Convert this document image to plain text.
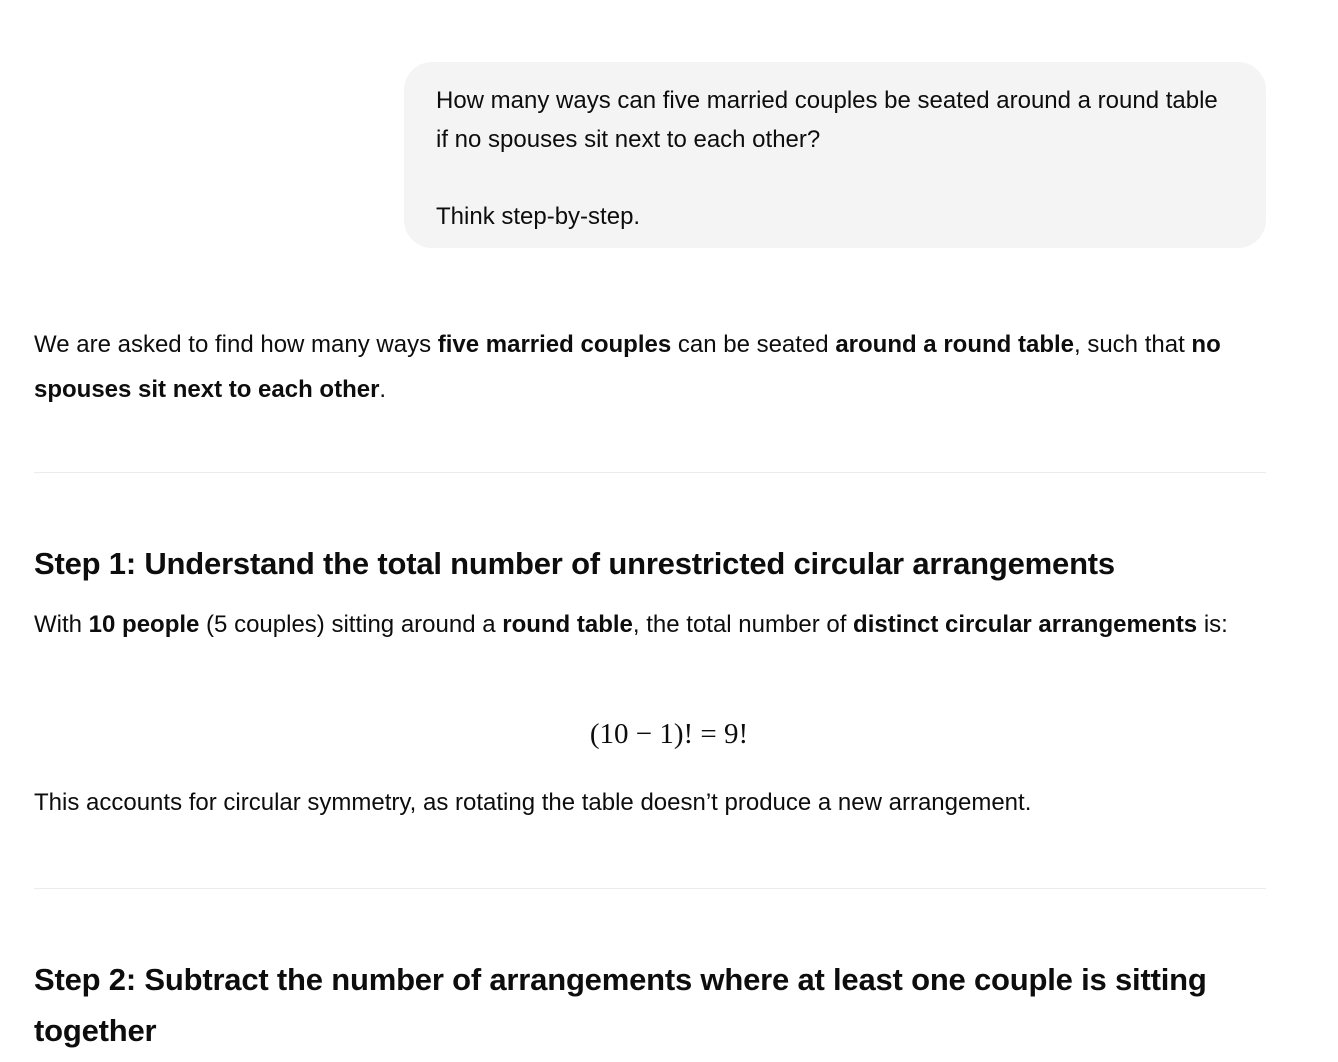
How many ways can five married couples be seated around a round table if no spouses sit next to each other?

Think step-by-step.

We are asked to find how many ways five married couples can be seated around a round table, such that no spouses sit next to each other.

Step 1: Understand the total number of unrestricted circular arrangements

With 10 people (5 couples) sitting around a round table, the total number of distinct circular arrangements is:

(10 − 1)! = 9!

This accounts for circular symmetry, as rotating the table doesn’t produce a new arrangement.

Step 2: Subtract the number of arrangements where at least one couple is sitting together
